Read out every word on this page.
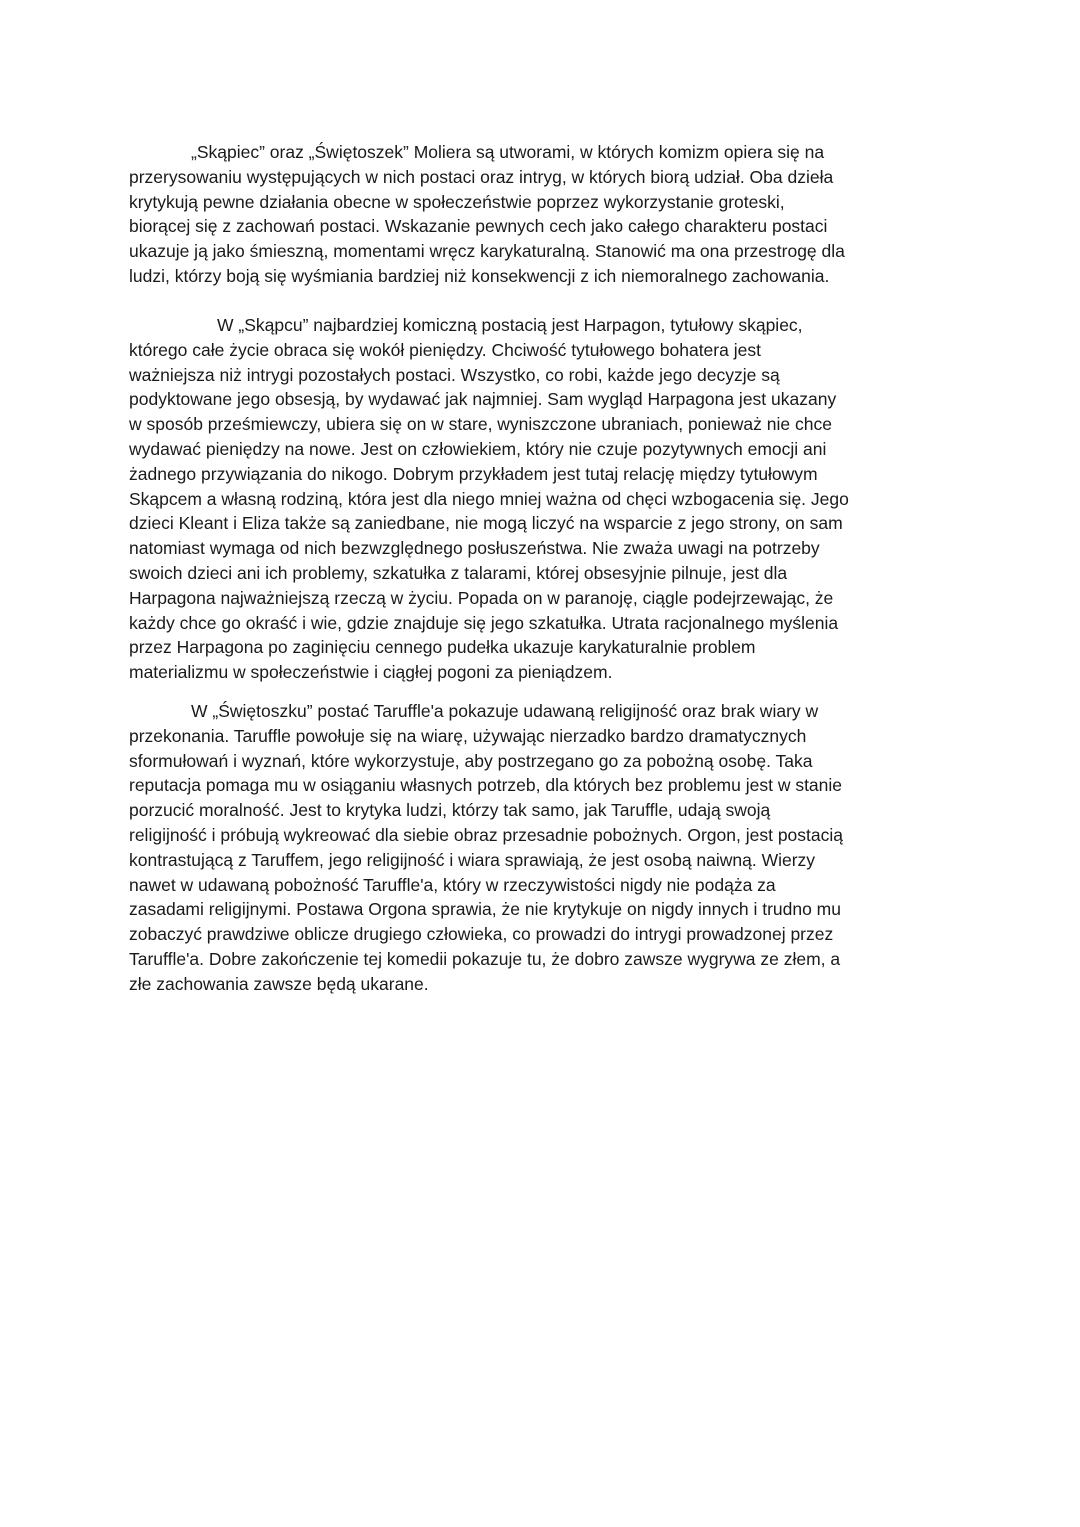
„Skąpiec” oraz „Świętoszek” Moliera są utworami, w których komizm opiera się na
przerysowaniu występujących w nich postaci oraz intryg, w których biorą udział. Oba dzieła
krytykują pewne działania obecne w społeczeństwie poprzez wykorzystanie groteski,
biorącej się z zachowań postaci. Wskazanie pewnych cech jako całego charakteru postaci
ukazuje ją jako śmieszną, momentami wręcz karykaturalną. Stanowić ma ona przestrogę dla
ludzi, którzy boją się wyśmiania bardziej niż konsekwencji z ich niemoralnego zachowania.
W „Skąpcu” najbardziej komiczną postacią jest Harpagon, tytułowy skąpiec,
którego całe życie obraca się wokół pieniędzy. Chciwość tytułowego bohatera jest
ważniejsza niż intrygi pozostałych postaci. Wszystko, co robi, każde jego decyzje są
podyktowane jego obsesją, by wydawać jak najmniej. Sam wygląd Harpagona jest ukazany
w sposób prześmiewczy, ubiera się on w stare, wyniszczone ubraniach, ponieważ nie chce
wydawać pieniędzy na nowe. Jest on człowiekiem, który nie czuje pozytywnych emocji ani
żadnego przywiązania do nikogo. Dobrym przykładem jest tutaj relację między tytułowym
Skąpcem a własną rodziną, która jest dla niego mniej ważna od chęci wzbogacenia się. Jego
dzieci Kleant i Eliza także są zaniedbane, nie mogą liczyć na wsparcie z jego strony, on sam
natomiast wymaga od nich bezwzględnego posłuszeństwa. Nie zważa uwagi na potrzeby
swoich dzieci ani ich problemy, szkatułka z talarami, której obsesyjnie pilnuje, jest dla
Harpagona najważniejszą rzeczą w życiu. Popada on w paranoję, ciągle podejrzewając, że
każdy chce go okraść i wie, gdzie znajduje się jego szkatułka. Utrata racjonalnego myślenia
przez Harpagona po zaginięciu cennego pudełka ukazuje karykaturalnie problem
materializmu w społeczeństwie i ciągłej pogoni za pieniądzem.
W „Świętoszku” postać Taruffle'a pokazuje udawaną religijność oraz brak wiary w
przekonania. Taruffle powołuje się na wiarę, używając nierzadko bardzo dramatycznych
sformułowań i wyznań, które wykorzystuje, aby postrzegano go za pobożną osobę. Taka
reputacja pomaga mu w osiąganiu własnych potrzeb, dla których bez problemu jest w stanie
porzucić moralność. Jest to krytyka ludzi, którzy tak samo, jak Taruffle, udają swoją
religijność i próbują wykreować dla siebie obraz przesadnie pobożnych. Orgon, jest postacią
kontrastującą z Taruffem, jego religijność i wiara sprawiają, że jest osobą naiwną. Wierzy
nawet w udawaną pobożność Taruffle'a, który w rzeczywistości nigdy nie podąża za
zasadami religijnymi. Postawa Orgona sprawia, że nie krytykuje on nigdy innych i trudno mu
zobaczyć prawdziwe oblicze drugiego człowieka, co prowadzi do intrygi prowadzonej przez
Taruffle'a. Dobre zakończenie tej komedii pokazuje tu, że dobro zawsze wygrywa ze złem, a
złe zachowania zawsze będą ukarane.
